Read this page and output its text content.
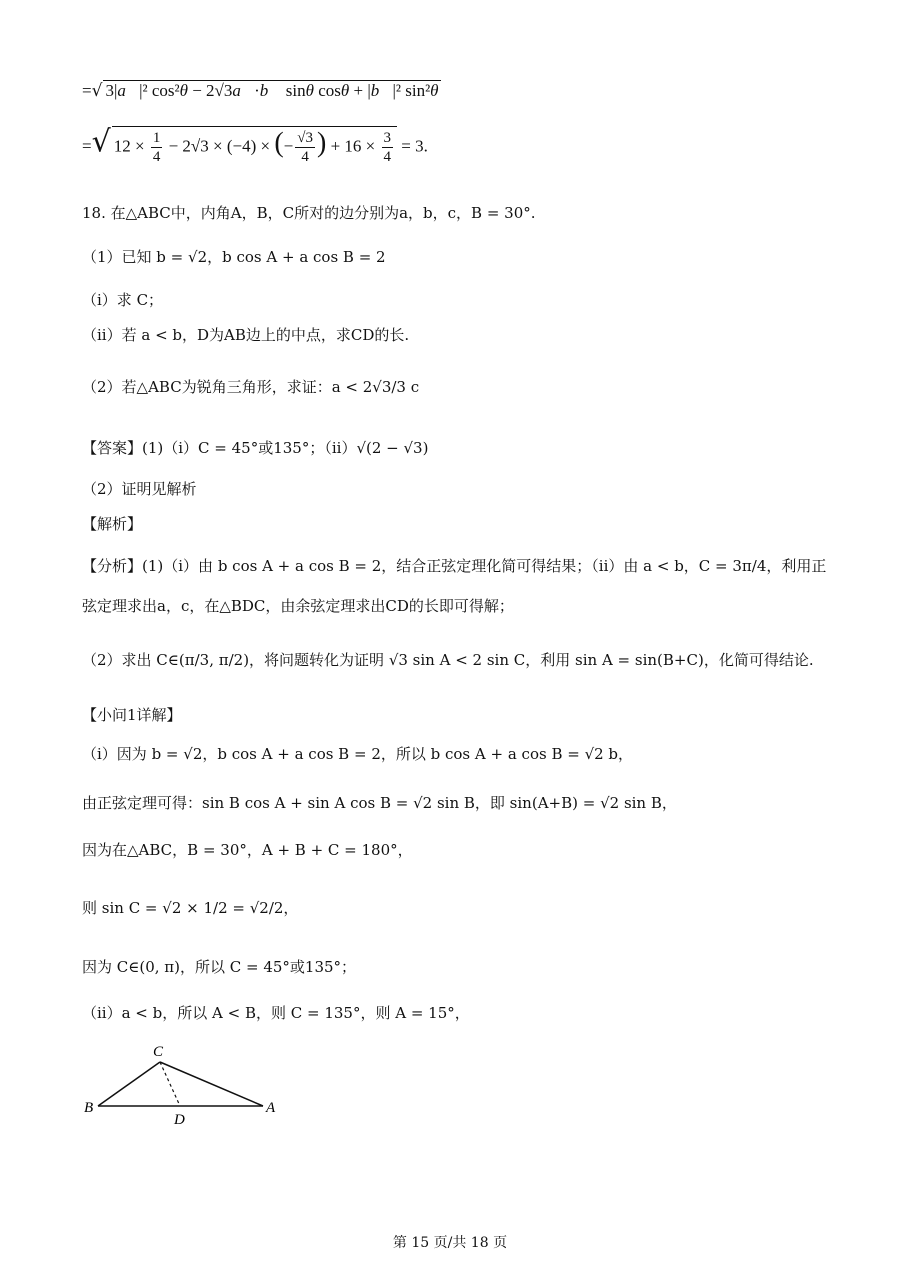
=√ 3|a⃗|² cos²θ − 2√3a⃗·b⃗ sinθ cosθ + |b⃗|² sin²θ
=√ $12 \times \frac{1}{4} - 2√3 \times (-4)$ × (− $\frac{√3}{4}$ ) + $16 \times \frac{3}{4} = 3$.
18. 在△ABC中，内角A，B，C所对的边分别为a，b，c，B = 30°.
（1）已知 b = √2，b cos A + a cos B = 2
（i）求 C；
（ii）若 a < b，D为AB边上的中点，求CD的长.
（2）若△ABC为锐角三角形，求证：a < 2√3/3 c
【答案】(1)（i）C = 45°或135°；（ii）√(2 − √3)
（2）证明见解析
【解析】
【分析】(1)（i）由 b cos A + a cos B = 2，结合正弦定理化简可得结果；（ii）由 a < b，C = 3π/4，利用正
弦定理求出a，c，在△BDC，由余弦定理求出CD的长即可得解；
（2）求出 C∈(π/3, π/2)，将问题转化为证明 √3 sin A < 2 sin C，利用 sin A = sin(B+C)，化简可得结论.
【小问1详解】
（i）因为 b = √2，b cos A + a cos B = 2，所以 b cos A + a cos B = √2 b，
由正弦定理可得：sin B cos A + sin A cos B = √2 sin B，即 sin(A+B) = √2 sin B，
因为在△ABC，B = 30°，A + B + C = 180°，
则 sin C = √2 × 1/2 = √2/2，
因为 C∈(0, π)，所以 C = 45°或135°；
（ii）a < b，所以 A < B，则 C = 135°，则 A = 15°，
C
B
D
A
第 15 页/共 18 页
